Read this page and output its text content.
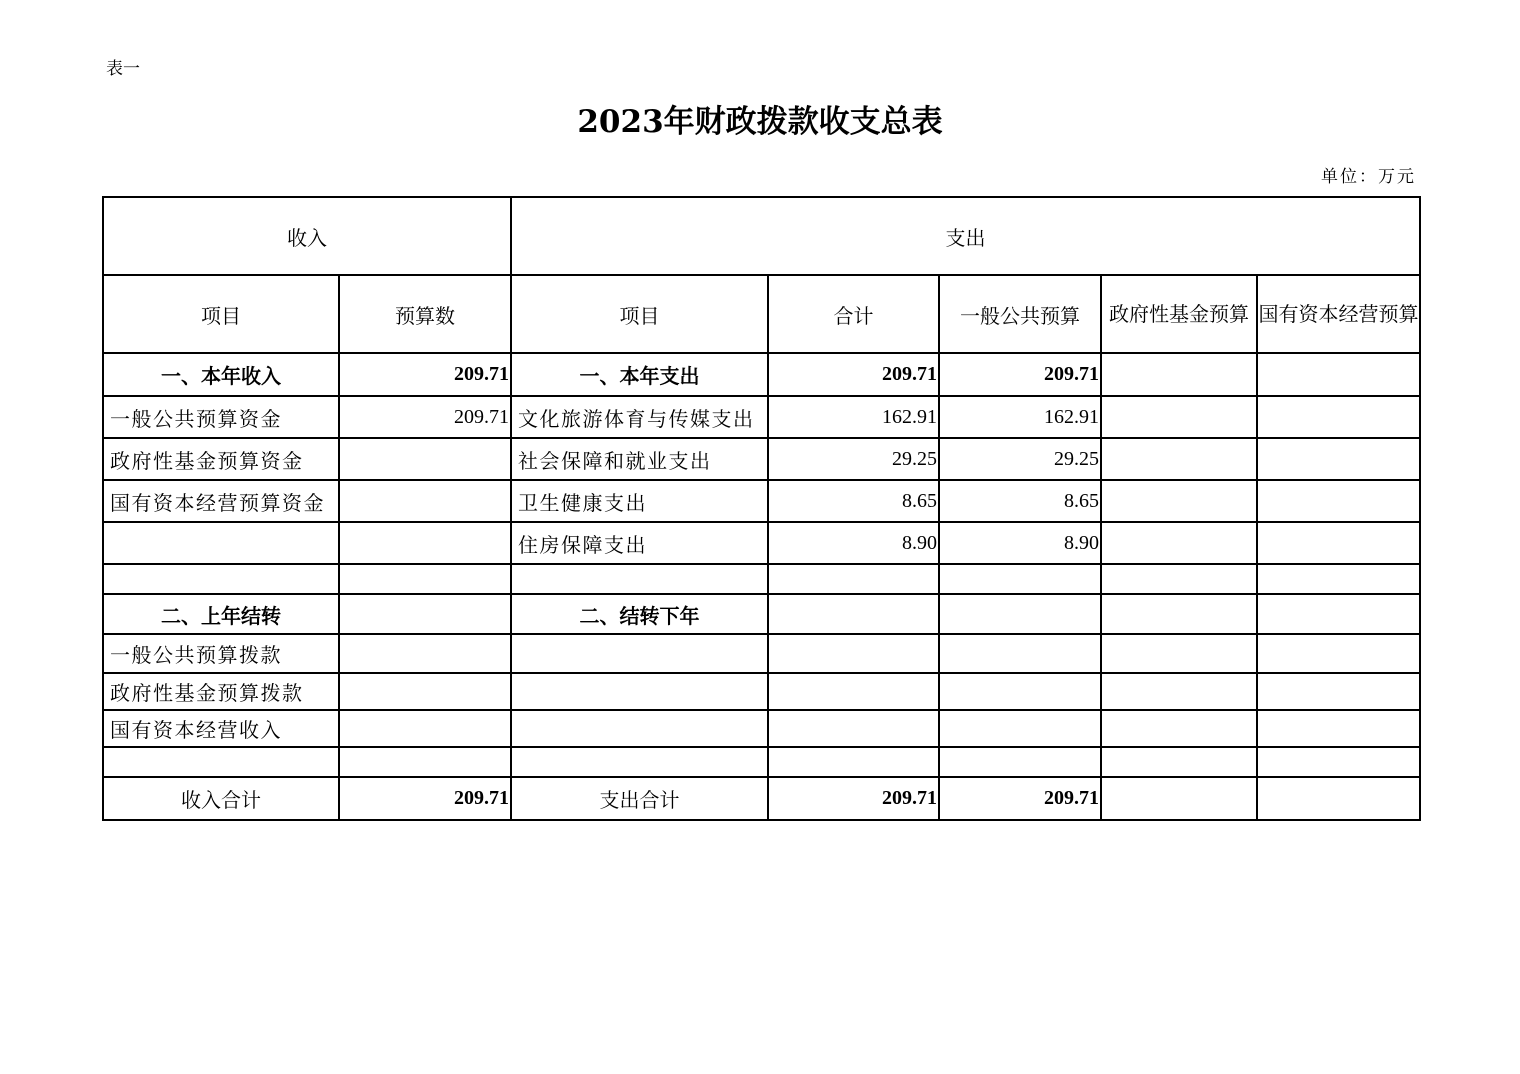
表一
2023年财政拨款收支总表
单位：万元
收入		支出				
项目	预算数	项目	合计	一般公共预算	政府性基金预算	国有资本经营预算
一、本年收入	209.71	一、本年支出	209.71	209.71		
一般公共预算资金	209.71	文化旅游体育与传媒支出	162.91	162.91		
政府性基金预算资金		社会保障和就业支出	29.25	29.25		
国有资本经营预算资金		卫生健康支出	8.65	8.65		
		住房保障支出	8.90	8.90		

二、上年结转		二、结转下年				
一般公共预算拨款						
政府性基金预算拨款						
国有资本经营收入						

收入合计	209.71	支出合计	209.71	209.71		
